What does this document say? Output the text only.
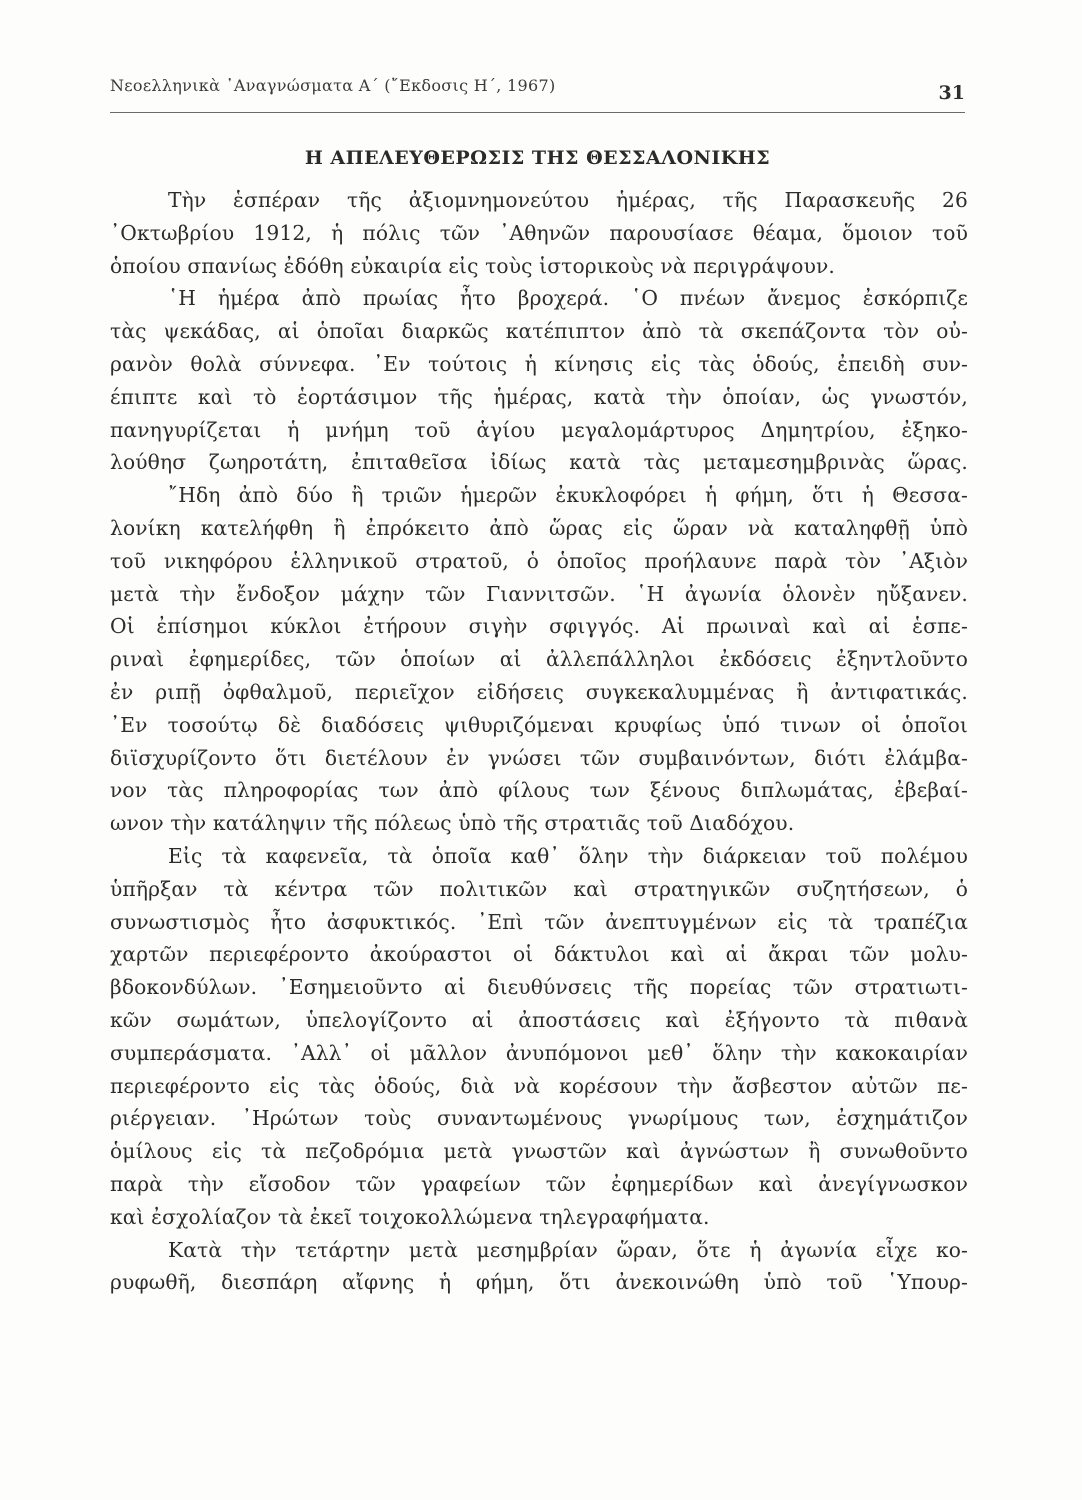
Νεοελληνικὰ ᾿Αναγνώσματα Α΄ (῎Εκδοσις Η΄, 1967)	31
Η ΑΠΕΛΕΥΘΕΡΩΣΙΣ ΤΗΣ ΘΕΣΣΑΛΟΝΙΚΗΣ
Τὴν ἑσπέραν τῆς ἀξιομνημονεύτου ἡμέρας, τῆς Παρασκευῆς 26
᾿Οκτωβρίου 1912, ἡ πόλις τῶν ᾿Αθηνῶν παρουσίασε θέαμα, ὅμοιον τοῦ
ὁποίου σπανίως ἐδόθη εὐκαιρία εἰς τοὺς ἱστορικοὺς νὰ περιγράψουν.
῾Η ἡμέρα ἀπὸ πρωίας ἦτο βροχερά. ῾Ο πνέων ἄνεμος ἐσκόρπιζε
τὰς ψεκάδας, αἱ ὁποῖαι διαρκῶς κατέπιπτον ἀπὸ τὰ σκεπάζοντα τὸν οὐ-
ρανὸν θολὰ σύννεφα. ᾿Εν τούτοις ἡ κίνησις εἰς τὰς ὁδούς, ἐπειδὴ συν-
έπιπτε καὶ τὸ ἑορτάσιμον τῆς ἡμέρας, κατὰ τὴν ὁποίαν, ὡς γνωστόν,
πανηγυρίζεται ἡ μνήμη τοῦ ἁγίου μεγαλομάρτυρος Δημητρίου, ἐξηκο-
λούθησ ζωηροτάτη, ἐπιταθεῖσα ἰδίως κατὰ τὰς μεταμεσημβρινὰς ὥρας.
῎Ηδη ἀπὸ δύο ἢ τριῶν ἡμερῶν ἐκυκλοφόρει ἡ φήμη, ὅτι ἡ Θεσσα-
λονίκη κατελήφθη ἢ ἐπρόκειτο ἀπὸ ὥρας εἰς ὥραν νὰ καταληφθῇ ὑπὸ
τοῦ νικηφόρου ἑλληνικοῦ στρατοῦ, ὁ ὁποῖος προήλαυνε παρὰ τὸν ᾿Αξιὸν
μετὰ τὴν ἔνδοξον μάχην τῶν Γιαννιτσῶν. ῾Η ἀγωνία ὁλονὲν ηὔξανεν.
Οἱ ἐπίσημοι κύκλοι ἐτήρουν σιγὴν σφιγγός. Αἱ πρωιναὶ καὶ αἱ ἑσπε-
ριναὶ ἐφημερίδες, τῶν ὁποίων αἱ ἀλλεπάλληλοι ἐκδόσεις ἐξηντλοῦντο
ἐν ριπῇ ὀφθαλμοῦ, περιεῖχον εἰδήσεις συγκεκαλυμμένας ἢ ἀντιφατικάς.
᾿Εν τοσούτῳ δὲ διαδόσεις ψιθυριζόμεναι κρυφίως ὑπό τινων οἱ ὁποῖοι
διϊσχυρίζοντο ὅτι διετέλουν ἐν γνώσει τῶν συμβαινόντων, διότι ἐλάμβα-
νον τὰς πληροφορίας των ἀπὸ φίλους των ξένους διπλωμάτας, ἐβεβαί-
ωνον τὴν κατάληψιν τῆς πόλεως ὑπὸ τῆς στρατιᾶς τοῦ Διαδόχου.
Εἰς τὰ καφενεῖα, τὰ ὁποῖα καθ᾿ ὅλην τὴν διάρκειαν τοῦ πολέμου
ὑπῆρξαν τὰ κέντρα τῶν πολιτικῶν καὶ στρατηγικῶν συζητήσεων, ὁ
συνωστισμὸς ἦτο ἀσφυκτικός. ᾿Επὶ τῶν ἀνεπτυγμένων εἰς τὰ τραπέζια
χαρτῶν περιεφέροντο ἀκούραστοι οἱ δάκτυλοι καὶ αἱ ἄκραι τῶν μολυ-
βδοκονδύλων. ᾿Εσημειοῦντο αἱ διευθύνσεις τῆς πορείας τῶν στρατιωτι-
κῶν σωμάτων, ὑπελογίζοντο αἱ ἀποστάσεις καὶ ἐξήγοντο τὰ πιθανὰ
συμπεράσματα. ᾿Αλλ᾿ οἱ μᾶλλον ἀνυπόμονοι μεθ᾿ ὅλην τὴν κακοκαιρίαν
περιεφέροντο εἰς τὰς ὁδούς, διὰ νὰ κορέσουν τὴν ἄσβεστον αὐτῶν πε-
ριέργειαν. ᾿Ηρώτων τοὺς συναντωμένους γνωρίμους των, ἐσχημάτιζον
ὁμίλους εἰς τὰ πεζοδρόμια μετὰ γνωστῶν καὶ ἀγνώστων ἢ συνωθοῦντο
παρὰ τὴν εἴσοδον τῶν γραφείων τῶν ἐφημερίδων καὶ ἀνεγίγνωσκον
καὶ ἐσχολίαζον τὰ ἐκεῖ τοιχοκολλώμενα τηλεγραφήματα.
Κατὰ τὴν τετάρτην μετὰ μεσημβρίαν ὥραν, ὅτε ἡ ἀγωνία εἶχε κο-
ρυφωθῆ, διεσπάρη αἴφνης ἡ φήμη, ὅτι ἀνεκοινώθη ὑπὸ τοῦ ῾Υπουρ-
